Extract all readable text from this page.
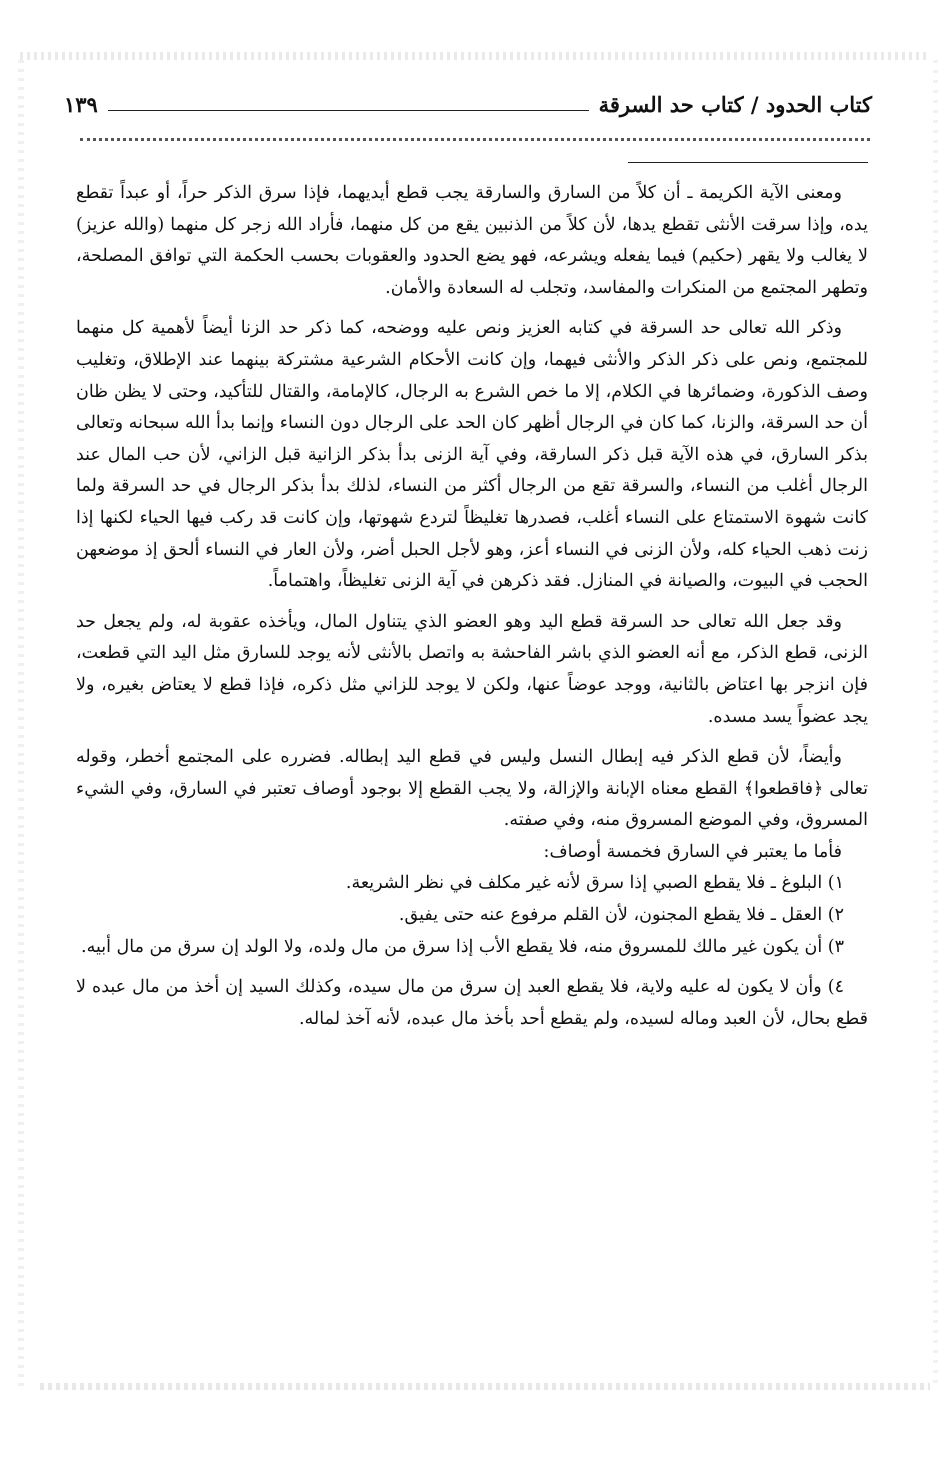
كتاب الحدود / كتاب حد السرقة
١٣٩

ومعنى الآية الكريمة ـ أن كلاً من السارق والسارقة يجب قطع أيديهما، فإذا سرق الذكر حراً، أو عبداً تقطع يده، وإذا سرقت الأنثى تقطع يدها، لأن كلاً من الذنبين يقع من كل منهما، فأراد الله زجر كل منهما (والله عزيز) لا يغالب ولا يقهر (حكيم) فيما يفعله ويشرعه، فهو يضع الحدود والعقوبات بحسب الحكمة التي توافق المصلحة، وتطهر المجتمع من المنكرات والمفاسد، وتجلب له السعادة والأمان.

وذكر الله تعالى حد السرقة في كتابه العزيز ونص عليه ووضحه، كما ذكر حد الزنا أيضاً لأهمية كل منهما للمجتمع، ونص على ذكر الذكر والأنثى فيهما، وإن كانت الأحكام الشرعية مشتركة بينهما عند الإطلاق، وتغليب وصف الذكورة، وضمائرها في الكلام، إلا ما خص الشرع به الرجال، كالإمامة، والقتال للتأكيد، وحتى لا يظن ظان أن حد السرقة، والزنا، كما كان في الرجال أظهر كان الحد على الرجال دون النساء وإنما بدأ الله سبحانه وتعالى بذكر السارق، في هذه الآية قبل ذكر السارقة، وفي آية الزنى بدأ بذكر الزانية قبل الزاني، لأن حب المال عند الرجال أغلب من النساء، والسرقة تقع من الرجال أكثر من النساء، لذلك بدأ بذكر الرجال في حد السرقة ولما كانت شهوة الاستمتاع على النساء أغلب، فصدرها تغليظاً لتردع شهوتها، وإن كانت قد ركب فيها الحياء لكنها إذا زنت ذهب الحياء كله، ولأن الزنى في النساء أعز، وهو لأجل الحبل أضر، ولأن العار في النساء ألحق إذ موضعهن الحجب في البيوت، والصيانة في المنازل. فقد ذكرهن في آية الزنى تغليظاً، واهتماماً.

وقد جعل الله تعالى حد السرقة قطع اليد وهو العضو الذي يتناول المال، ويأخذه عقوبة له، ولم يجعل حد الزنى، قطع الذكر، مع أنه العضو الذي باشر الفاحشة به واتصل بالأنثى لأنه يوجد للسارق مثل اليد التي قطعت، فإن انزجر بها اعتاض بالثانية، ووجد عوضاً عنها، ولكن لا يوجد للزاني مثل ذكره، فإذا قطع لا يعتاض بغيره، ولا يجد عضواً يسد مسده.

وأيضاً، لأن قطع الذكر فيه إبطال النسل وليس في قطع اليد إبطاله. فضرره على المجتمع أخطر، وقوله تعالى ﴿فاقطعوا﴾ القطع معناه الإبانة والإزالة، ولا يجب القطع إلا بوجود أوصاف تعتبر في السارق، وفي الشيء المسروق، وفي الموضع المسروق منه، وفي صفته.

فأما ما يعتبر في السارق فخمسة أوصاف:

١) البلوغ ـ فلا يقطع الصبي إذا سرق لأنه غير مكلف في نظر الشريعة.

٢) العقل ـ فلا يقطع المجنون، لأن القلم مرفوع عنه حتى يفيق.

٣) أن يكون غير مالك للمسروق منه، فلا يقطع الأب إذا سرق من مال ولده، ولا الولد إن سرق من مال أبيه.

٤) وأن لا يكون له عليه ولاية، فلا يقطع العبد إن سرق من مال سيده، وكذلك السيد إن أخذ من مال عبده لا قطع بحال، لأن العبد وماله لسيده، ولم يقطع أحد بأخذ مال عبده، لأنه آخذ لماله.
